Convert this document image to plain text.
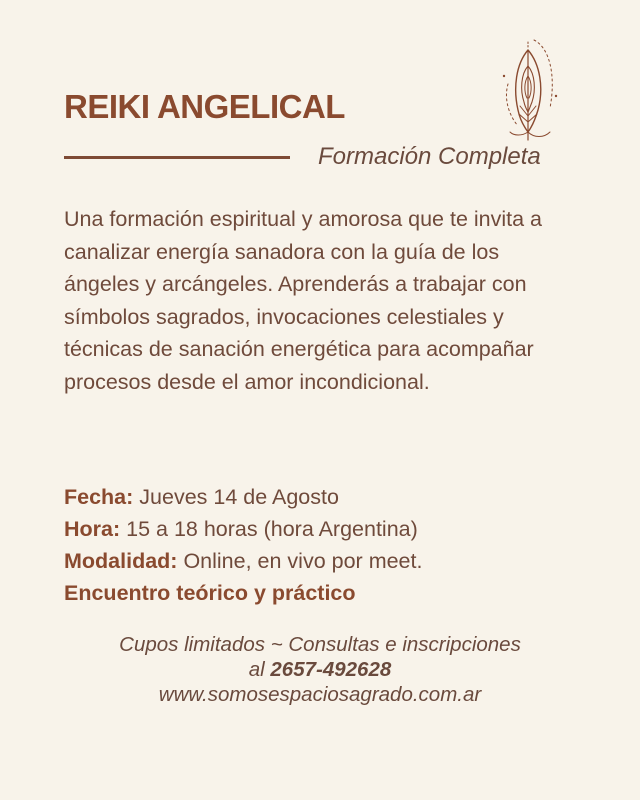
REIKI ANGELICAL
Formación Completa

Una formación espiritual y amorosa que te invita a canalizar energía sanadora con la guía de los ángeles y arcángeles. Aprenderás a trabajar con símbolos sagrados, invocaciones celestiales y técnicas de sanación energética para acompañar procesos desde el amor incondicional.

Fecha: Jueves 14 de Agosto
Hora: 15 a 18 horas (hora Argentina)
Modalidad: Online, en vivo por meet.
Encuentro teórico y práctico
Cupos limitados ~ Consultas e inscripciones
al 2657-492628
www.somosespaciosagrado.com.ar
